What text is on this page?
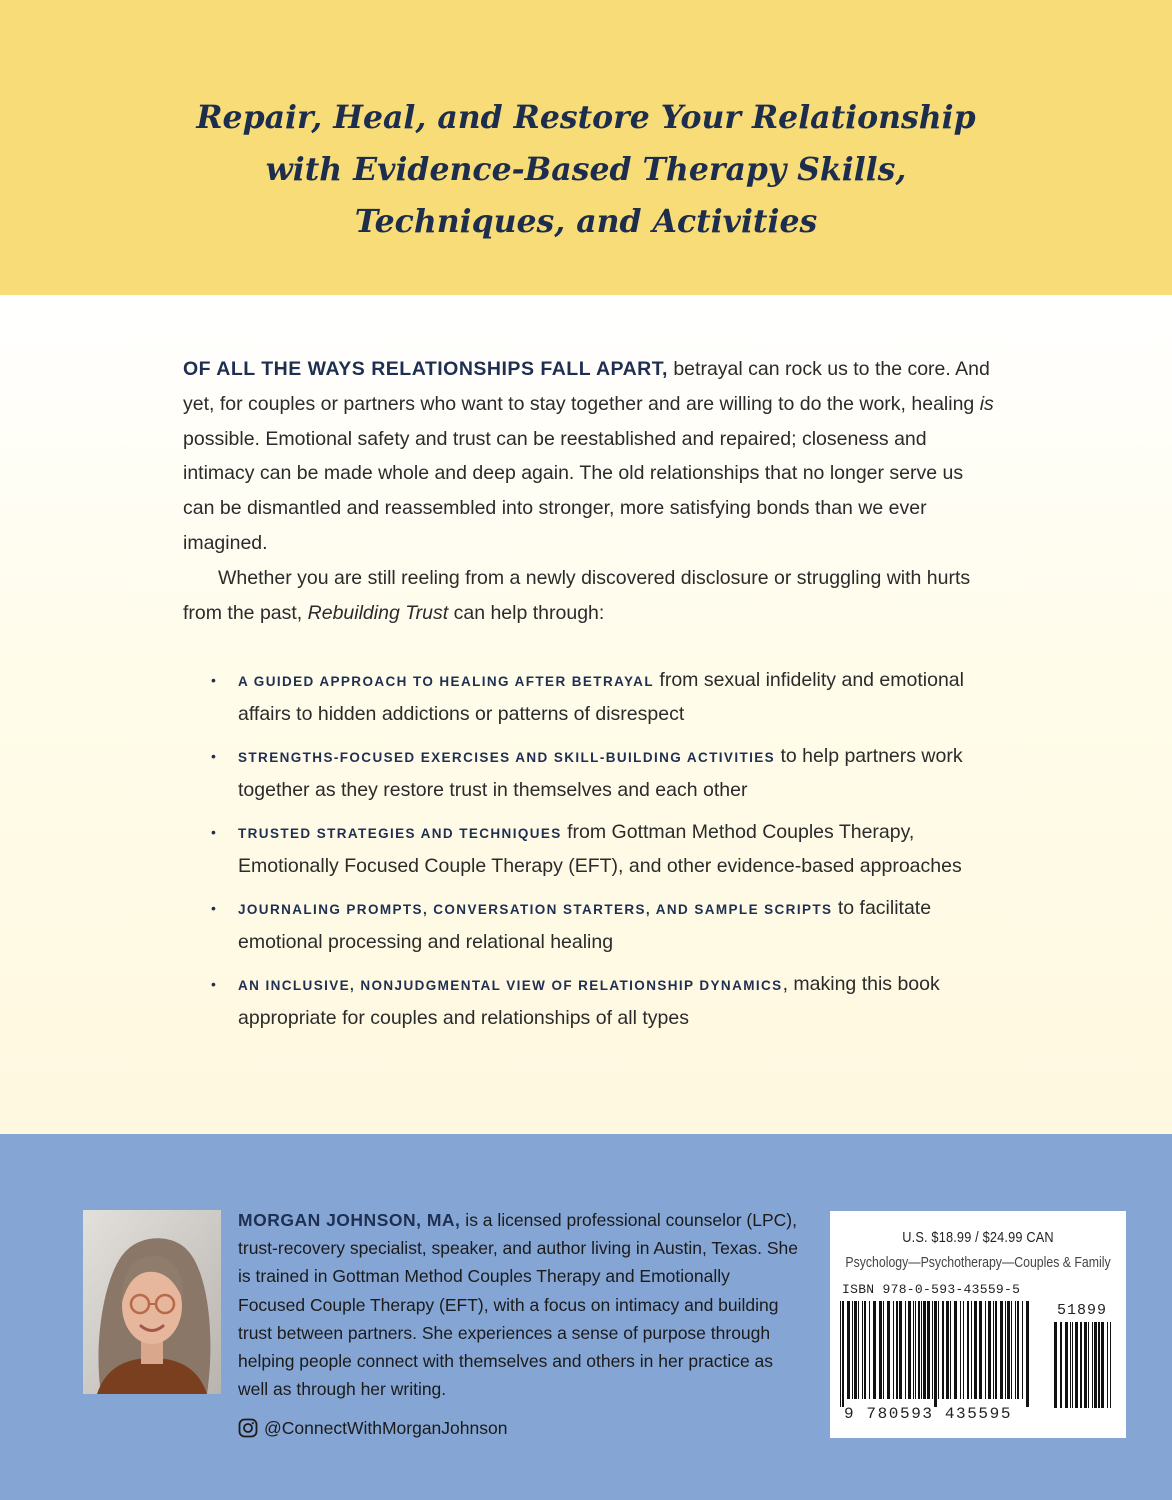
Repair, Heal, and Restore Your Relationship
with Evidence-Based Therapy Skills,
Techniques, and Activities

OF ALL THE WAYS RELATIONSHIPS FALL APART, betrayal can rock us to the core. And yet, for couples or partners who want to stay together and are willing to do the work, healing is possible. Emotional safety and trust can be reestablished and repaired; closeness and intimacy can be made whole and deep again. The old relationships that no longer serve us can be dismantled and reassembled into stronger, more satisfying bonds than we ever imagined.

Whether you are still reeling from a newly discovered disclosure or struggling with hurts from the past, Rebuilding Trust can help through:

• A GUIDED APPROACH TO HEALING AFTER BETRAYAL from sexual infidelity and emotional affairs to hidden addictions or patterns of disrespect
• STRENGTHS-FOCUSED EXERCISES AND SKILL-BUILDING ACTIVITIES to help partners work together as they restore trust in themselves and each other
• TRUSTED STRATEGIES AND TECHNIQUES from Gottman Method Couples Therapy, Emotionally Focused Couple Therapy (EFT), and other evidence-based approaches
• JOURNALING PROMPTS, CONVERSATION STARTERS, AND SAMPLE SCRIPTS to facilitate emotional processing and relational healing
• AN INCLUSIVE, NONJUDGMENTAL VIEW OF RELATIONSHIP DYNAMICS, making this book appropriate for couples and relationships of all types

MORGAN JOHNSON, MA, is a licensed professional counselor (LPC), trust-recovery specialist, speaker, and author living in Austin, Texas. She is trained in Gottman Method Couples Therapy and Emotionally Focused Couple Therapy (EFT), with a focus on intimacy and building trust between partners. She experiences a sense of purpose through helping people connect with themselves and others in her practice as well as through her writing.

@ConnectWithMorganJohnson
U.S. $18.99 / $24.99 CAN
Psychology—Psychotherapy—Couples & Family
ISBN 978-0-593-43559-5
51899
9 780593 435595
